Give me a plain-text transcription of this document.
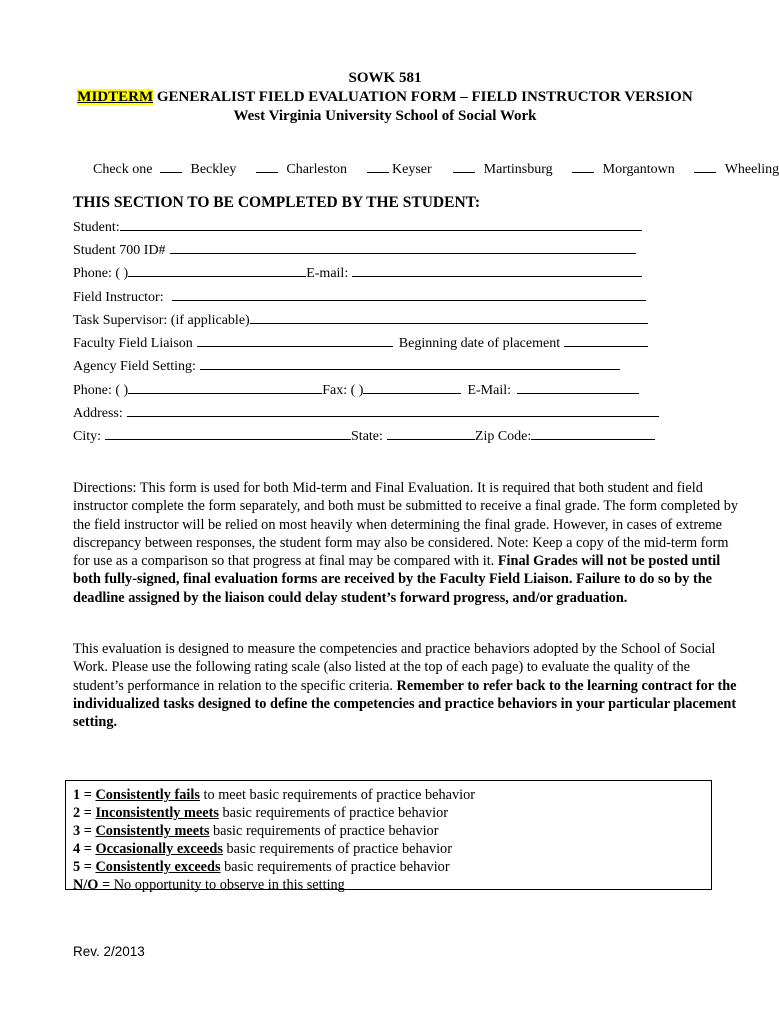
SOWK 581
MIDTERM GENERALIST FIELD EVALUATION FORM – FIELD INSTRUCTOR VERSION
West Virginia University School of Social Work
Check one	Beckley	Charleston	Keyser	Martinsburg	Morgantown	Wheeling
THIS SECTION TO BE COMPLETED BY THE STUDENT:
Student:
Student 700 ID#
Phone: ( )	E-mail:
Field Instructor:
Task Supervisor: (if applicable)
Faculty Field Liaison	Beginning date of placement
Agency Field Setting:
Phone: ( )	Fax: ( )	E-Mail:
Address:
City:	State:	Zip Code:
Directions: This form is used for both Mid-term and Final Evaluation. It is required that both student and field instructor complete the form separately, and both must be submitted to receive a final grade. The form completed by the field instructor will be relied on most heavily when determining the final grade. However, in cases of extreme discrepancy between responses, the student form may also be considered. Note: Keep a copy of the mid-term form for use as a comparison so that progress at final may be compared with it. Final Grades will not be posted until both fully-signed, final evaluation forms are received by the Faculty Field Liaison. Failure to do so by the deadline assigned by the liaison could delay student’s forward progress, and/or graduation.
This evaluation is designed to measure the competencies and practice behaviors adopted by the School of Social Work. Please use the following rating scale (also listed at the top of each page) to evaluate the quality of the student’s performance in relation to the specific criteria. Remember to refer back to the learning contract for the individualized tasks designed to define the competencies and practice behaviors in your particular placement setting.
1 = Consistently fails to meet basic requirements of practice behavior
2 = Inconsistently meets basic requirements of practice behavior
3 = Consistently meets basic requirements of practice behavior
4 = Occasionally exceeds basic requirements of practice behavior
5 = Consistently exceeds basic requirements of practice behavior
N/O = No opportunity to observe in this setting
Rev. 2/2013
